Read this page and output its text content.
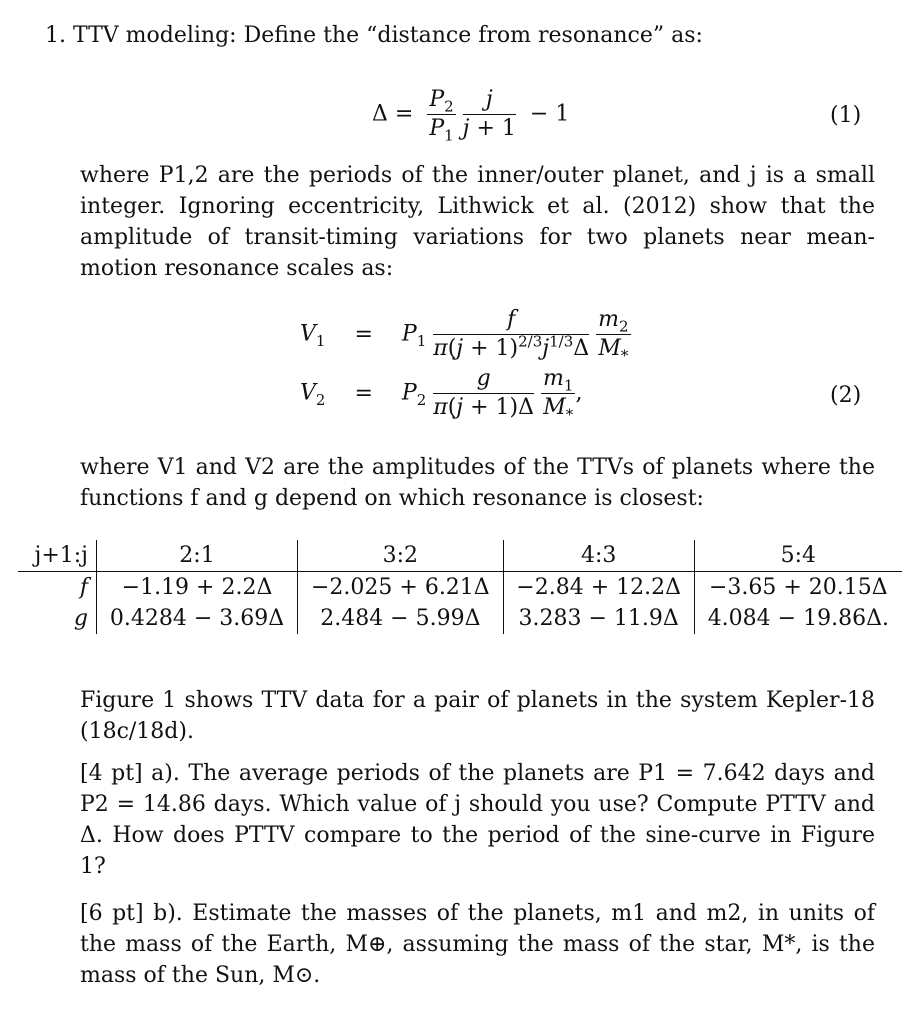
1. TTV modeling: Define the “distance from resonance” as:
$\Delta = \frac{P_2}{P_1}$
$\frac{j}{j + 1} - 1$	(1)
where P1,2 are the periods of the inner/outer planet, and j is a small integer. Ignoring eccentricity, Lithwick et al. (2012) show that the amplitude of transit-timing variations for two planets near mean-motion resonance scales as:
$V_1 = P_1 \frac{f}{\pi(j + 1)^{2/3}j^{1/3}\Delta}$
$\frac{m_2}{M_*}$
$V_2 = P_2 \frac{g}{\pi(j + 1)\Delta}$
$\frac{m_1}{M_*}$ ,	(2)
where V1 and V2 are the amplitudes of the TTVs of planets where the functions f and g depend on which resonance is closest:
j+1:j	2:1	3:2	4:3	5:4
f	−1.19 + 2.2Δ	−2.025 + 6.21Δ	−2.84 + 12.2Δ	−3.65 + 20.15Δ
g	0.4284 − 3.69Δ	2.484 − 5.99Δ	3.283 − 11.9Δ	4.084 − 19.86Δ.
Figure 1 shows TTV data for a pair of planets in the system Kepler-18 (18c/18d).
[4 pt] a). The average periods of the planets are P1 = 7.642 days and P2 = 14.86 days. Which value of j should you use? Compute PTTV and Δ. How does PTTV compare to the period of the sine-curve in Figure 1?
[6 pt] b). Estimate the masses of the planets, m1 and m2, in units of the mass of the Earth, M⊕, assuming the mass of the star, M*, is the mass of the Sun, M⊙.
